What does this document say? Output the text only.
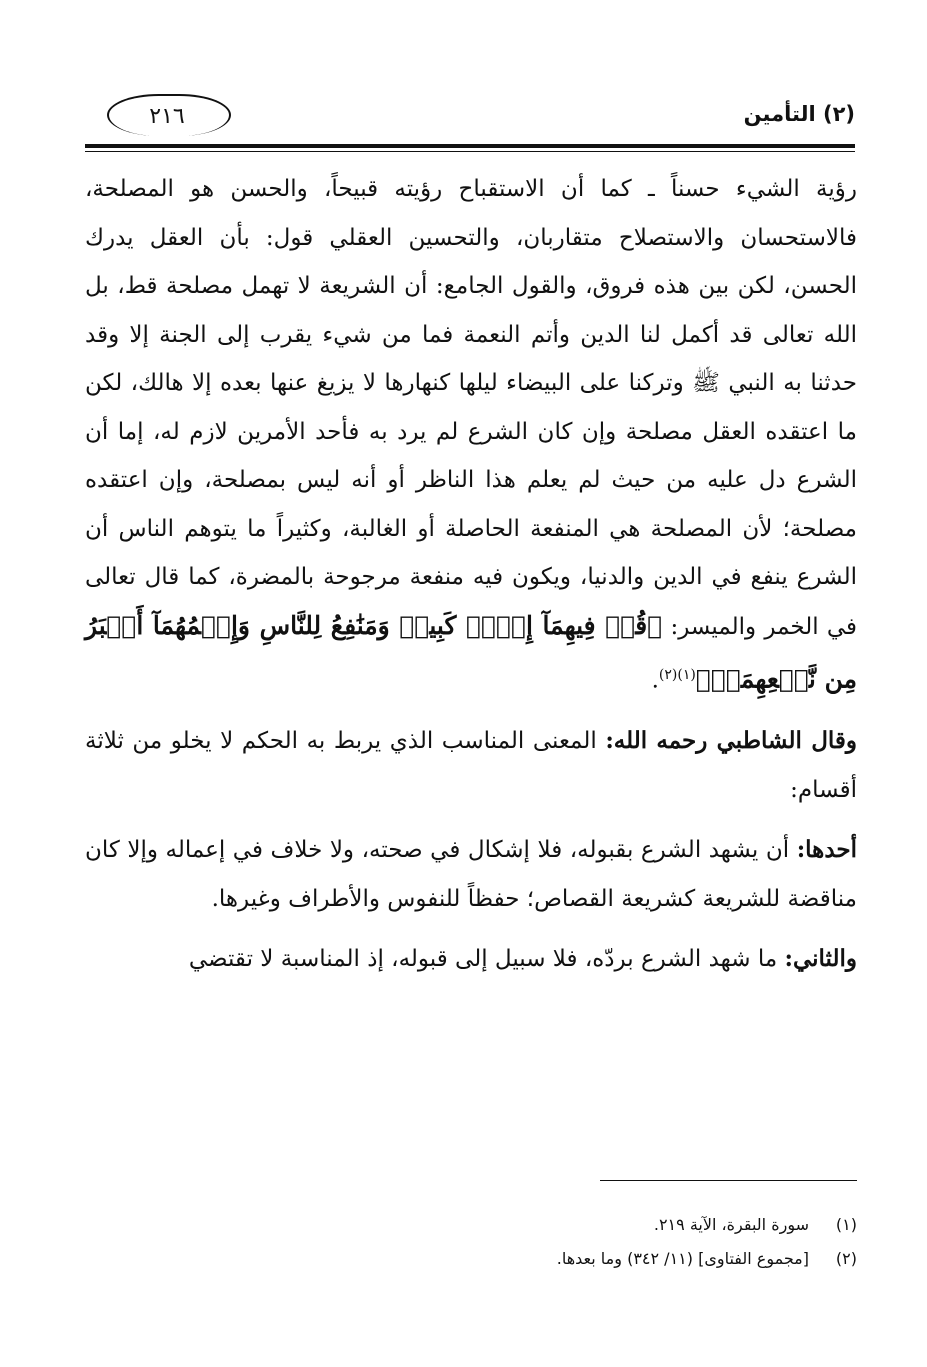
٢١٦	(٢) التأمين

رؤية الشيء حسناً ـ كما أن الاستقباح رؤيته قبيحاً، والحسن هو المصلحة، فالاستحسان والاستصلاح متقاربان، والتحسين العقلي قول: بأن العقل يدرك الحسن، لكن بين هذه فروق، والقول الجامع: أن الشريعة لا تهمل مصلحة قط، بل الله تعالى قد أكمل لنا الدين وأتم النعمة فما من شيء يقرب إلى الجنة إلا وقد حدثنا به النبي ﷺ وتركنا على البيضاء ليلها كنهارها لا يزيغ عنها بعده إلا هالك، لكن ما اعتقده العقل مصلحة وإن كان الشرع لم يرد به فأحد الأمرين لازم له، إما أن الشرع دل عليه من حيث لم يعلم هذا الناظر أو أنه ليس بمصلحة، وإن اعتقده مصلحة؛ لأن المصلحة هي المنفعة الحاصلة أو الغالبة، وكثيراً ما يتوهم الناس أن الشرع ينفع في الدين والدنيا، ويكون فيه منفعة مرجوحة بالمضرة، كما قال تعالى في الخمر والميسر: ﴿قُلۡ فِيهِمَآ إِثۡمٞ كَبِيرٞ وَمَنَٰفِعُ لِلنَّاسِ وَإِثۡمُهُمَآ أَكۡبَرُ مِن نَّفۡعِهِمَاۗ﴾$^{(١)(٢)}$.

وقال الشاطبي رحمه الله: المعنى المناسب الذي يربط به الحكم لا يخلو من ثلاثة أقسام:

أحدها: أن يشهد الشرع بقبوله، فلا إشكال في صحته، ولا خلاف في إعماله وإلا كان مناقضة للشريعة كشريعة القصاص؛ حفظاً للنفوس والأطراف وغيرها.

والثاني: ما شهد الشرع بردّه، فلا سبيل إلى قبوله، إذ المناسبة لا تقتضي

(١)
سورة البقرة، الآية ٢١٩.
(٢)
[مجموع الفتاوى] (١١/ ٣٤٢) وما بعدها.
